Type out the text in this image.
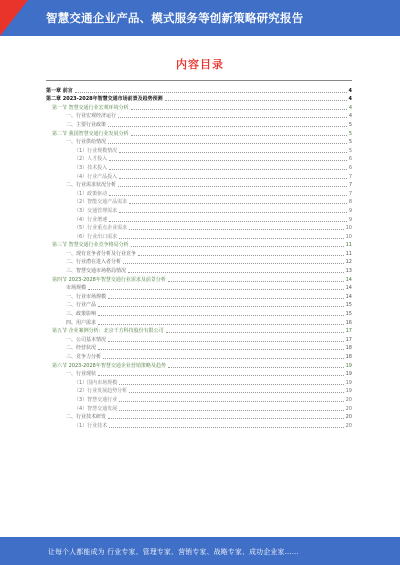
智慧交通企业产品、模式服务等创新策略研究报告
内容目录
第一章 前言	4
第二章 2023-2028年智慧交通市场前景及趋势预测	4
第一节 智慧交通行业宏观环境分析	4
一、行业宏观经济运行	4
二、主要行业政策	5
第二节 我国智慧交通行业发展分析	5
一、行业供给情况	5
（1）行业规模情况	5
（2）人才投入	6
（3）技术投入	6
（4）行业产品投入	7
二、行业需求状况分析	7
（1）政策驱动	7
（2）智能交通产品需求	8
（3）交通管理需求	9
（4）行业增速	9
（5）行业重点企业需求	10
（6）行业出口需求	10
第三节 智慧交通行业竞争格局分析	11
一、现有竞争者分析及行业竞争	11
二、行业潜在进入者分析	12
三、智慧交通市场格局情况	13
第四节 2023-2028年智慧交通行业需求及前景分析	14
市场规模	14
一、行业市场规模	14
二、行业产品	15
三、政策影响	15
四、用户需求	16
第五节 企业案例分析：北京千方科技股份有限公司	17
一、公司基本情况	17
二、经营状况	18
三、竞争力分析	18
第六节 2023-2028年智慧交通企业营销策略及趋势	19
一、行业现状	19
（1）国内市场规模	19
（2）行业发展趋势分析	19
（3）智慧交通行业	20
（4）智慧交通发展	20
二、行业技术研发	20
（1）行业技术	20
让每个人都能成为 行业专家、管理专家、营销专家、战略专家、成功企业家……
